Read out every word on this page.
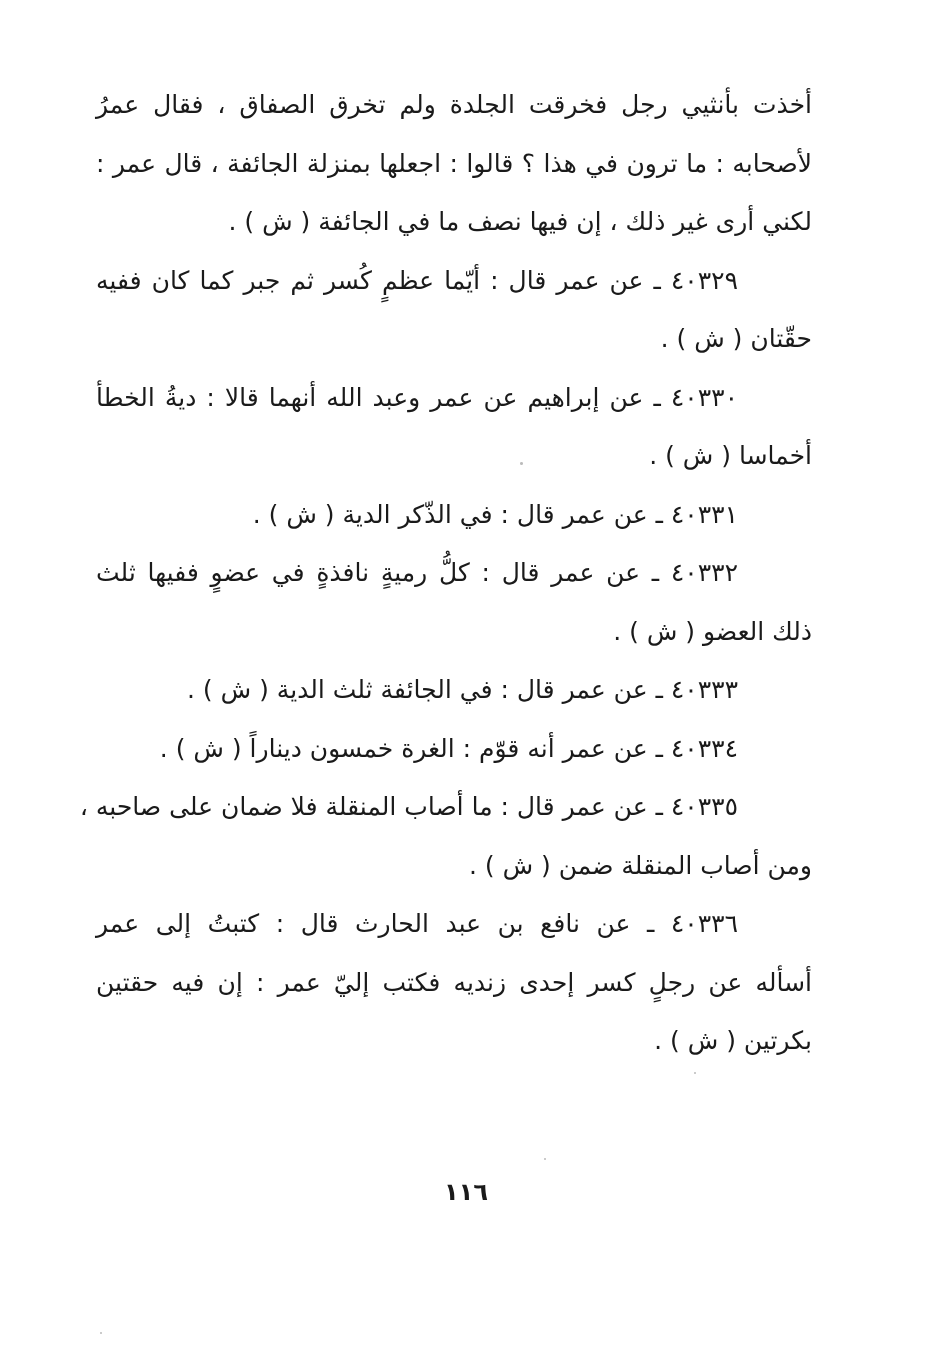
أخذت بأنثيي رجل فخرقت الجلدة ولم تخرق الصفاق ، فقال عمرُ
لأصحابه : ما ترون في هذا ؟ قالوا : اجعلها بمنزلة الجائفة ، قال عمر :
لكني أرى غير ذلك ، إن فيها نصف ما في الجائفة ( ش ) .
٤٠٣٢٩ ـ عن عمر قال : أيّما عظمٍ كُسر ثم جبر كما كان ففيه
حقّتان ( ش ) .
٤٠٣٣٠ ـ عن إبراهيم عن عمر وعبد الله أنهما قالا : ديةُ الخطأ
أخماسا ( ش ) .
٤٠٣٣١ ـ عن عمر قال : في الذّكر الدية ( ش ) .
٤٠٣٣٢ ـ عن عمر قال : كلُّ رميةٍ نافذةٍ في عضوٍ ففيها ثلث
ذلك العضو ( ش ) .
٤٠٣٣٣ ـ عن عمر قال : في الجائفة ثلث الدية ( ش ) .
٤٠٣٣٤ ـ عن عمر أنه قوّم : الغرة خمسون ديناراً ( ش ) .
٤٠٣٣٥ ـ عن عمر قال : ما أصاب المنقلة فلا ضمان على صاحبه ،
ومن أصاب المنقلة ضمن ( ش ) .
٤٠٣٣٦ ـ عن نافع بن عبد الحارث قال : كتبتُ إلى عمر
أسأله عن رجلٍ كسر إحدى زنديه فكتب إليّ عمر : إن فيه حقتين
بكرتين ( ش ) .
١١٦
